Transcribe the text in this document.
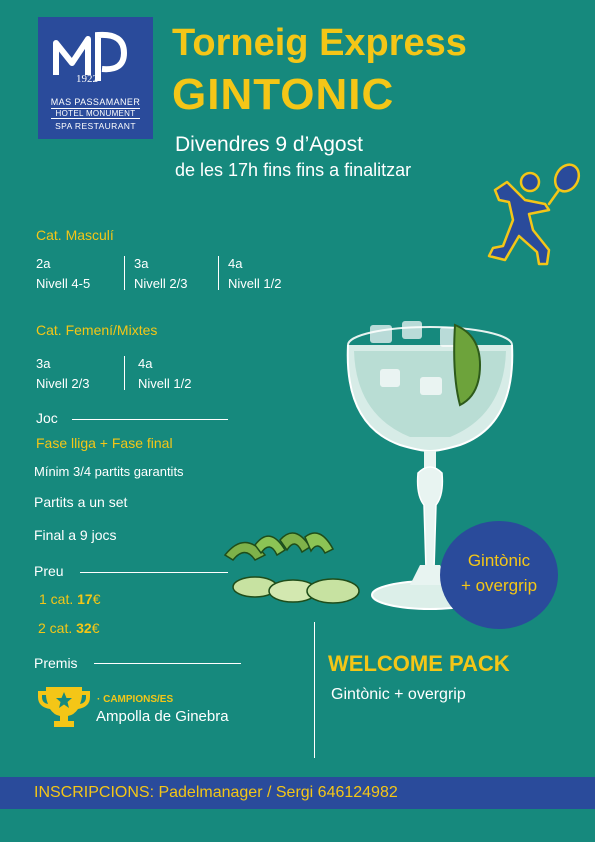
1922
MAS PASSAMANER
HOTEL MONUMENT
SPA RESTAURANT
Torneig Express
GINTONIC
Divendres 9 d’Agost
de les 17h fins fins a finalitzar
Cat. Masculí
2a
Nivell 4-5
3a
Nivell 2/3
4a
Nivell 1/2
Cat. Femení/Mixtes
3a
Nivell 2/3
4a
Nivell 1/2
Joc
Fase lliga + Fase final
Mínim 3/4 partits garantits
Partits a un set
Final a 9 jocs
Preu
1 cat. 17€
2 cat. 32€
Premis
· CAMPIONS/ES
Ampolla de Ginebra
Gintònic
+ overgrip
WELCOME PACK
Gintònic + overgrip
INSCRIPCIONS: Padelmanager / Sergi 646124982
